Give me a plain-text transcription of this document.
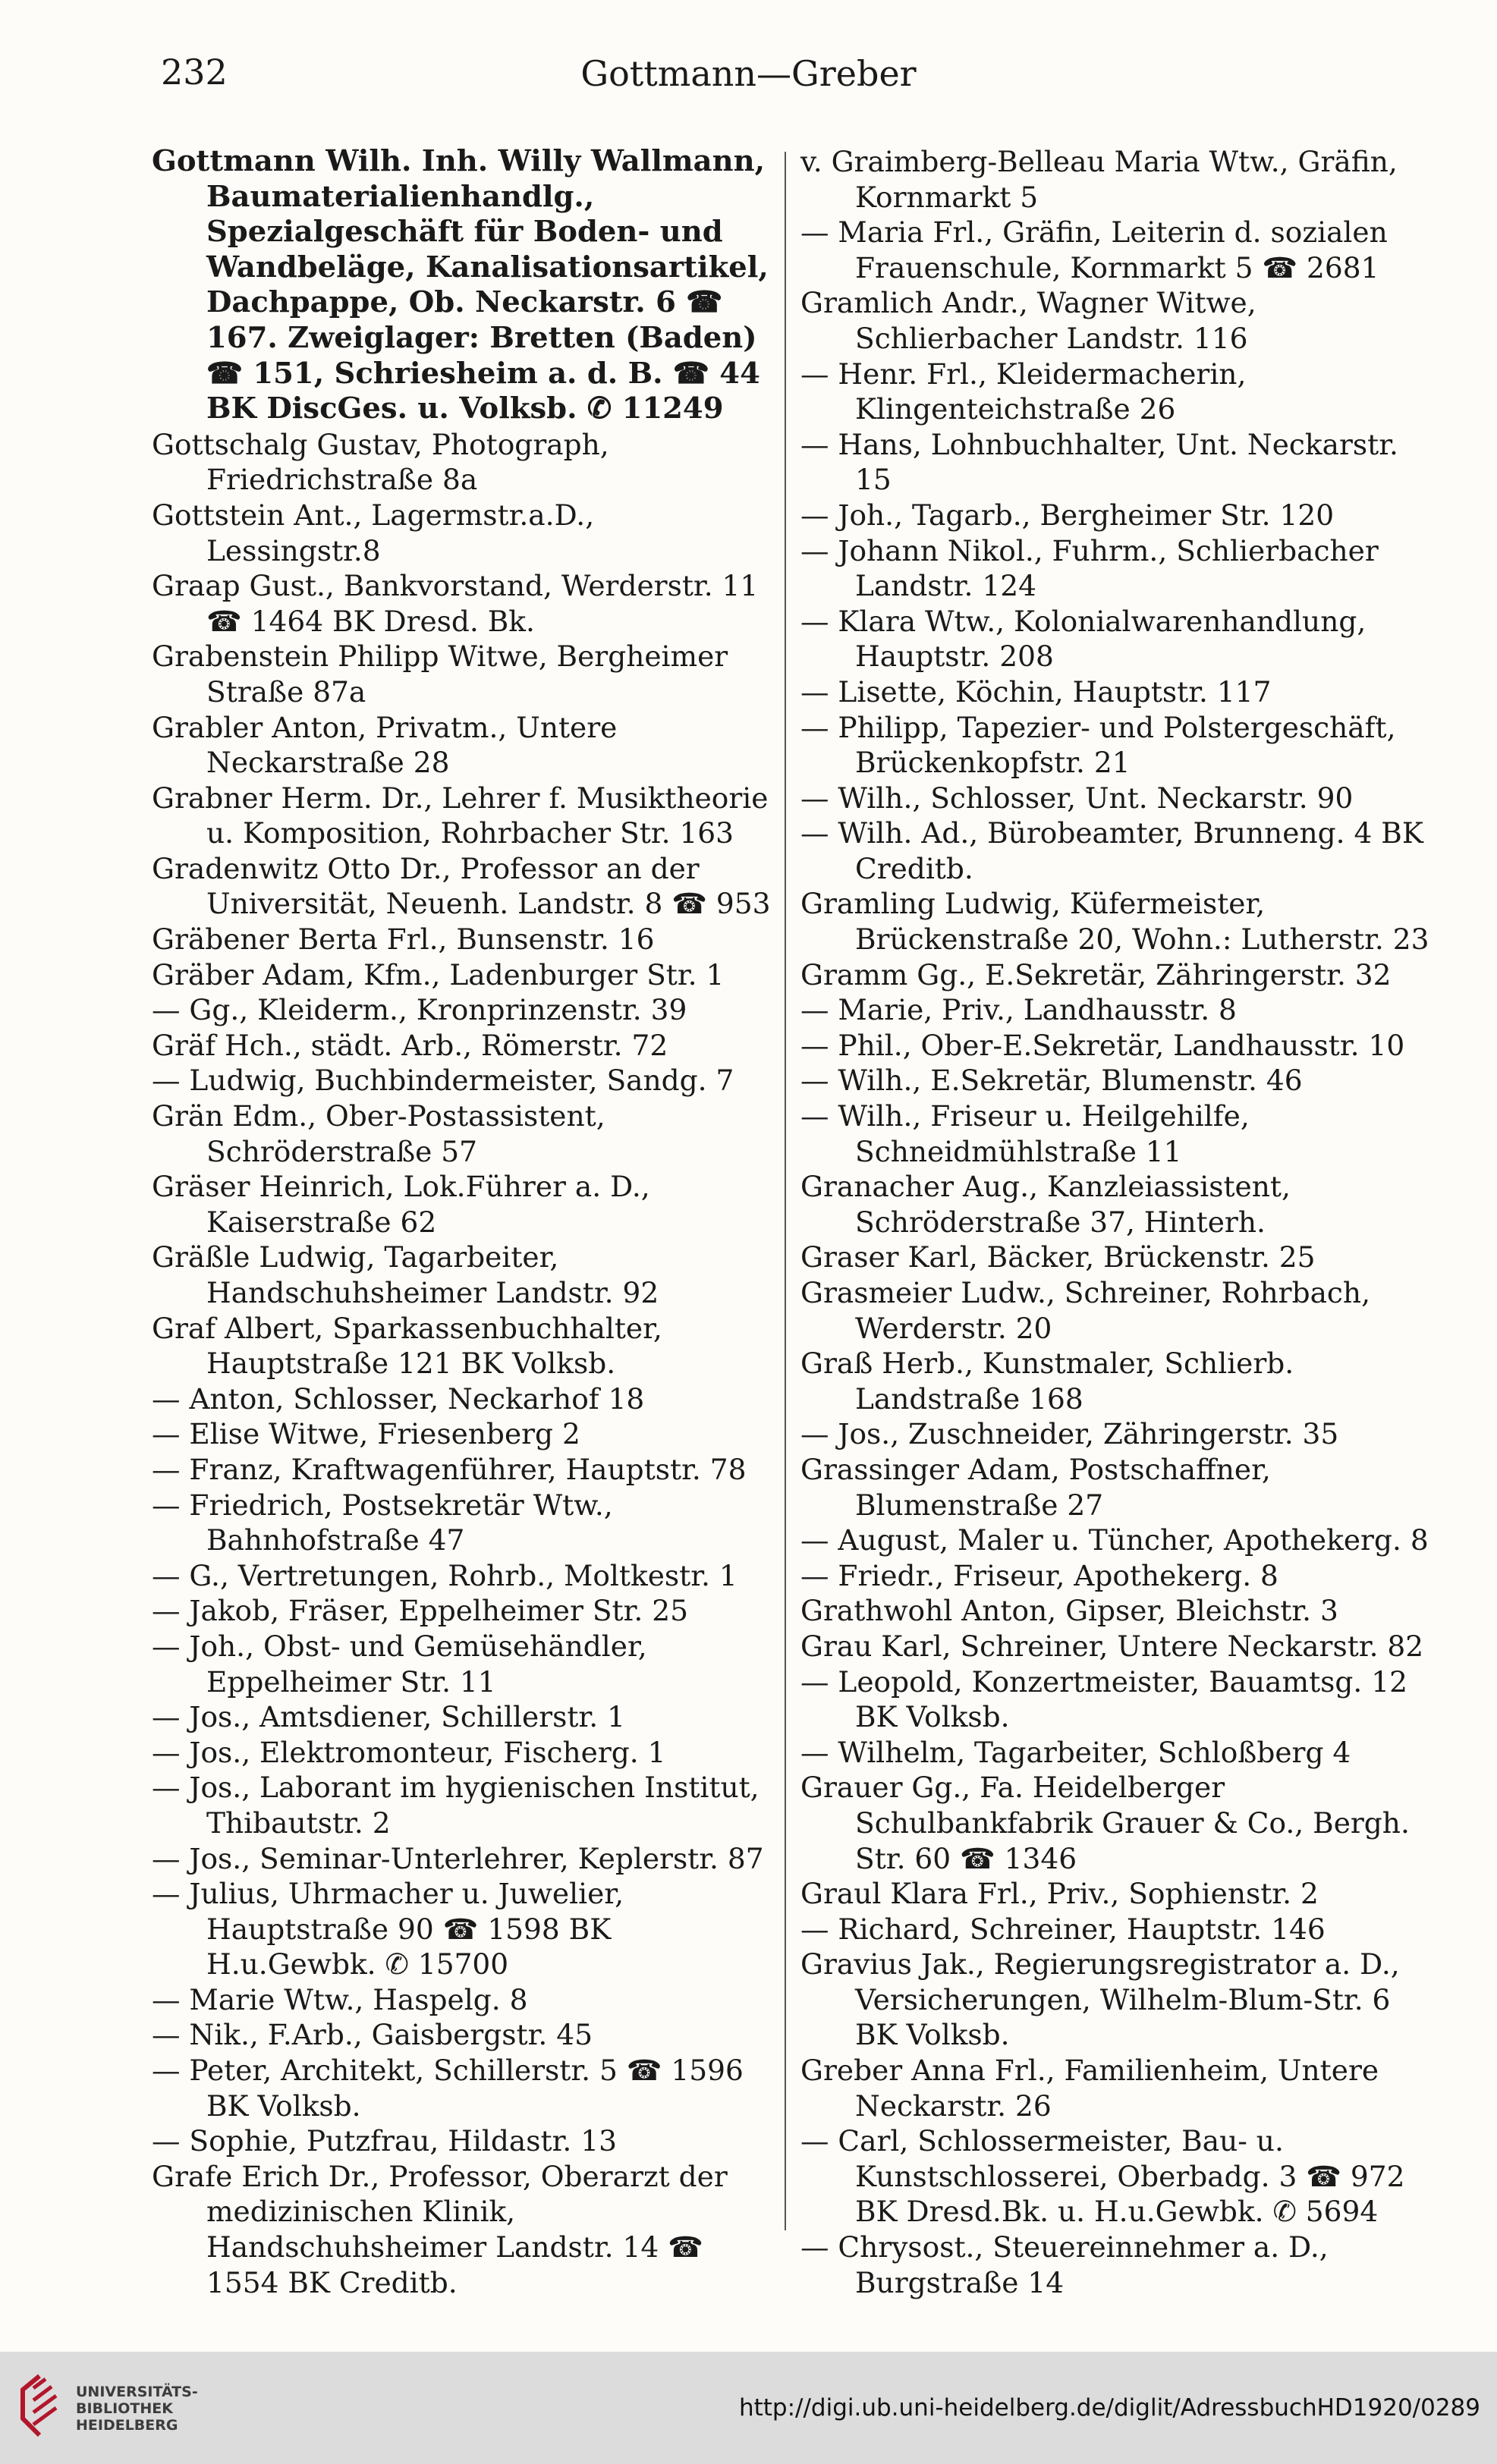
232	Gottmann—Greber
Gottmann Wilh. Inh. Willy Wallmann, Baumaterialienhandlg., Spezialgeschäft für Boden- und Wandbeläge, Kanalisationsartikel, Dachpappe, Ob. Neckarstr. 6 ☎ 167. Zweiglager: Bretten (Baden) ☎ 151, Schriesheim a. d. B. ☎ 44 BK DiscGes. u. Volksb. ✆ 11249
Gottschalg Gustav, Photograph, Friedrichstraße 8a
Gottstein Ant., Lagermstr.a.D., Lessingstr.8
Graap Gust., Bankvorstand, Werderstr. 11 ☎ 1464 BK Dresd. Bk.
Grabenstein Philipp Witwe, Bergheimer Straße 87a
Grabler Anton, Privatm., Untere Neckarstraße 28
Grabner Herm. Dr., Lehrer f. Musiktheorie u. Komposition, Rohrbacher Str. 163
Gradenwitz Otto Dr., Professor an der Universität, Neuenh. Landstr. 8 ☎ 953
Gräbener Berta Frl., Bunsenstr. 16
Gräber Adam, Kfm., Ladenburger Str. 1
— Gg., Kleiderm., Kronprinzenstr. 39
Gräf Hch., städt. Arb., Römerstr. 72
— Ludwig, Buchbindermeister, Sandg. 7
Grän Edm., Ober-Postassistent, Schröderstraße 57
Gräser Heinrich, Lok.Führer a. D., Kaiserstraße 62
Gräßle Ludwig, Tagarbeiter, Handschuhsheimer Landstr. 92
Graf Albert, Sparkassenbuchhalter, Hauptstraße 121 BK Volksb.
— Anton, Schlosser, Neckarhof 18
— Elise Witwe, Friesenberg 2
— Franz, Kraftwagenführer, Hauptstr. 78
— Friedrich, Postsekretär Wtw., Bahnhofstraße 47
— G., Vertretungen, Rohrb., Moltkestr. 1
— Jakob, Fräser, Eppelheimer Str. 25
— Joh., Obst- und Gemüsehändler, Eppelheimer Str. 11
— Jos., Amtsdiener, Schillerstr. 1
— Jos., Elektromonteur, Fischerg. 1
— Jos., Laborant im hygienischen Institut, Thibautstr. 2
— Jos., Seminar-Unterlehrer, Keplerstr. 87
— Julius, Uhrmacher u. Juwelier, Hauptstraße 90 ☎ 1598 BK H.u.Gewbk. ✆ 15700
— Marie Wtw., Haspelg. 8
— Nik., F.Arb., Gaisbergstr. 45
— Peter, Architekt, Schillerstr. 5 ☎ 1596 BK Volksb.
— Sophie, Putzfrau, Hildastr. 13
Grafe Erich Dr., Professor, Oberarzt der medizinischen Klinik, Handschuhsheimer Landstr. 14 ☎ 1554 BK Creditb.
v. Graimberg-Belleau Maria Wtw., Gräfin, Kornmarkt 5
— Maria Frl., Gräfin, Leiterin d. sozialen Frauenschule, Kornmarkt 5 ☎ 2681
Gramlich Andr., Wagner Witwe, Schlierbacher Landstr. 116
— Henr. Frl., Kleidermacherin, Klingenteichstraße 26
— Hans, Lohnbuchhalter, Unt. Neckarstr. 15
— Joh., Tagarb., Bergheimer Str. 120
— Johann Nikol., Fuhrm., Schlierbacher Landstr. 124
— Klara Wtw., Kolonialwarenhandlung, Hauptstr. 208
— Lisette, Köchin, Hauptstr. 117
— Philipp, Tapezier- und Polstergeschäft, Brückenkopfstr. 21
— Wilh., Schlosser, Unt. Neckarstr. 90
— Wilh. Ad., Bürobeamter, Brunneng. 4 BK Creditb.
Gramling Ludwig, Küfermeister, Brückenstraße 20, Wohn.: Lutherstr. 23
Gramm Gg., E.Sekretär, Zähringerstr. 32
— Marie, Priv., Landhausstr. 8
— Phil., Ober-E.Sekretär, Landhausstr. 10
— Wilh., E.Sekretär, Blumenstr. 46
— Wilh., Friseur u. Heilgehilfe, Schneidmühlstraße 11
Granacher Aug., Kanzleiassistent, Schröderstraße 37, Hinterh.
Graser Karl, Bäcker, Brückenstr. 25
Grasmeier Ludw., Schreiner, Rohrbach, Werderstr. 20
Graß Herb., Kunstmaler, Schlierb. Landstraße 168
— Jos., Zuschneider, Zähringerstr. 35
Grassinger Adam, Postschaffner, Blumenstraße 27
— August, Maler u. Tüncher, Apothekerg. 8
— Friedr., Friseur, Apothekerg. 8
Grathwohl Anton, Gipser, Bleichstr. 3
Grau Karl, Schreiner, Untere Neckarstr. 82
— Leopold, Konzertmeister, Bauamtsg. 12 BK Volksb.
— Wilhelm, Tagarbeiter, Schloßberg 4
Grauer Gg., Fa. Heidelberger Schulbankfabrik Grauer & Co., Bergh. Str. 60 ☎ 1346
Graul Klara Frl., Priv., Sophienstr. 2
— Richard, Schreiner, Hauptstr. 146
Gravius Jak., Regierungsregistrator a. D., Versicherungen, Wilhelm-Blum-Str. 6 BK Volksb.
Greber Anna Frl., Familienheim, Untere Neckarstr. 26
— Carl, Schlossermeister, Bau- u. Kunstschlosserei, Oberbadg. 3 ☎ 972 BK Dresd.Bk. u. H.u.Gewbk. ✆ 5694
— Chrysost., Steuereinnehmer a. D., Burgstraße 14
UNIVERSITÄTS-
BIBLIOTHEK
HEIDELBERG
http://digi.ub.uni-heidelberg.de/diglit/AdressbuchHD1920/0289
